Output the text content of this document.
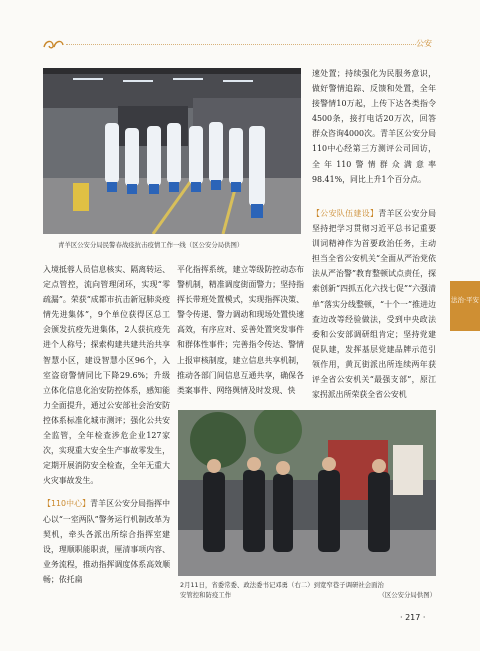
公安
青羊区公安分局民警春战疫抗击疫情工作一线（区公安分局供图）

速处置；持续强化为民服务意识，做好警情追踪、反馈和处置，全年接警情10万起，上传下达各类指令4500条，接打电话20万次，回答群众咨询4000次。青羊区公安分局110中心经第三方测评公司回访，全年110警情群众满意率98.41%，同比上升1个百分点。

【公安队伍建设】青羊区公安分局坚持把学习贯彻习近平总书记重要训词精神作为首要政治任务，主动担当全省公安机关“全面从严治党依法从严治警”教育整顿试点责任，探索创新“四抓五化六找七促”“六强清单”落实分线整顿，“十个一”推进边查边改等经验做法，受到中央政法委和公安部调研组肯定；坚持党建促队建，发挥基层党建品牌示范引领作用，黄瓦街派出所连续两年获评全省公安机关“最强支部”，原江家拐派出所荣获全省公安机

入境抵蓉人员信息核实、隔离转运、定点管控，流向管理闭环，实现“零疏漏”。荣获“成都市抗击新冠肺炎疫情先进集体”，9个单位获得区总工会颁发抗疫先进集体，2人获抗疫先进个人称号；探索构建共建共治共享智慧小区，建设智慧小区96个，入室盗窃警情同比下降29.6%；升级立体化信息化治安防控体系，感知能力全面提升，通过公安部社会治安防控体系标准化城市测评；强化公共安全监管，全年检查涉危企业127家次，实现重大安全生产事故零发生，定期开展消防安全检查，全年无重大火灾事故发生。

【110中心】青羊区公安分局指挥中心以“一室两队”警务运行机制改革为契机，牵头各派出所综合指挥室建设，理顺职能职责，厘清事项内容、业务流程，推动指挥调度体系高效顺畅；依托扁

平化指挥系统，建立等级防控动态布警机制，精准调度街面警力；坚持指挥长带班处置模式，实现指挥决策、警令传递、警力调动和现场处置快速高效，有序应对、妥善处置突发事件和群体性事件；完善指令传达、警情上报审核制度，建立信息共享机制，推动各部门间信息互通共享，确保各类案事件、网络舆情及时发现、快

2月11日，省委常委、政法委书记邓勇（右二）到宽窄巷子调研社会面治
安管控和防疫工作	（区公安分局供图）
法治·平安
· 217 ·
